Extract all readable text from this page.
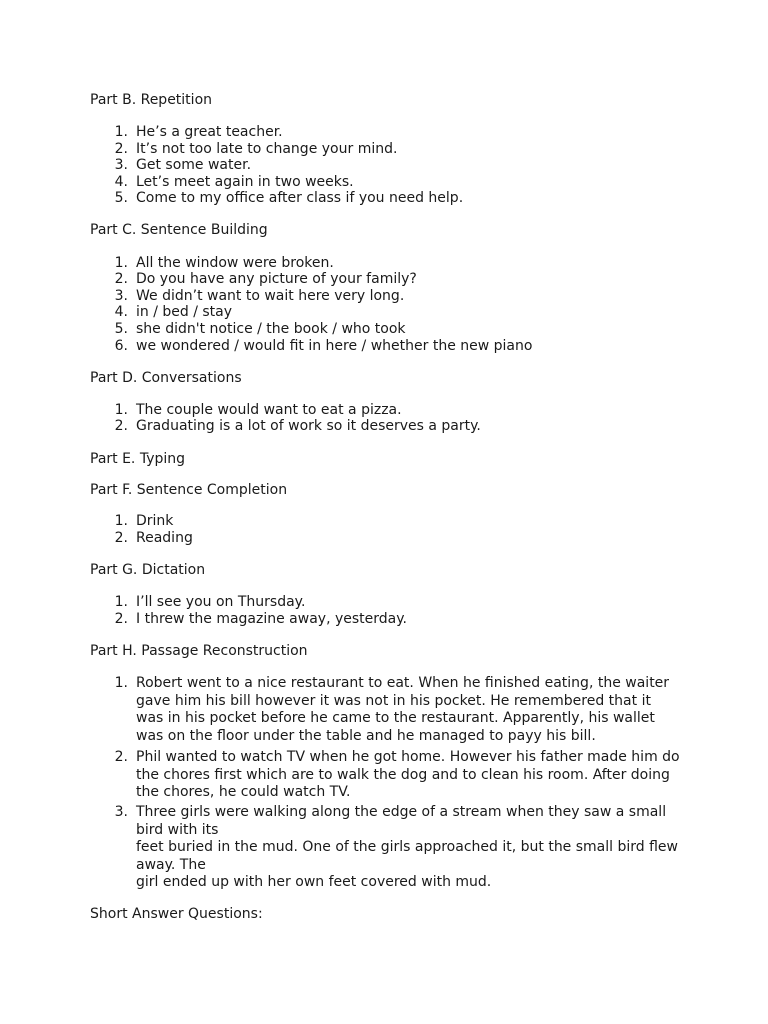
Part B. Repetition
1. He’s a great teacher.
2. It’s not too late to change your mind.
3. Get some water.
4. Let’s meet again in two weeks.
5. Come to my office after class if you need help.
Part C. Sentence Building
1. All the window were broken.
2. Do you have any picture of your family?
3. We didn’t want to wait here very long.
4. in / bed / stay
5. she didn't notice / the book / who took
6. we wondered / would fit in here / whether the new piano
Part D. Conversations
1. The couple would want to eat a pizza.
2. Graduating is a lot of work so it deserves a party.
Part E. Typing
Part F. Sentence Completion
1. Drink
2. Reading
Part G. Dictation
1. I’ll see you on Thursday.
2. I threw the magazine away, yesterday.
Part H. Passage Reconstruction
1. Robert went to a nice restaurant to eat. When he finished eating, the waiter gave him his bill however it was not in his pocket. He remembered that it was in his pocket before he came to the restaurant. Apparently, his wallet was on the floor under the table and he managed to payy his bill.
2. Phil wanted to watch TV when he got home. However his father made him do the chores first which are to walk the dog and to clean his room. After doing the chores, he could watch TV.
3. Three girls were walking along the edge of a stream when they saw a small
bird with its
feet buried in the mud. One of the girls approached it, but the small bird flew
away. The
girl ended up with her own feet covered with mud.
Short Answer Questions:
